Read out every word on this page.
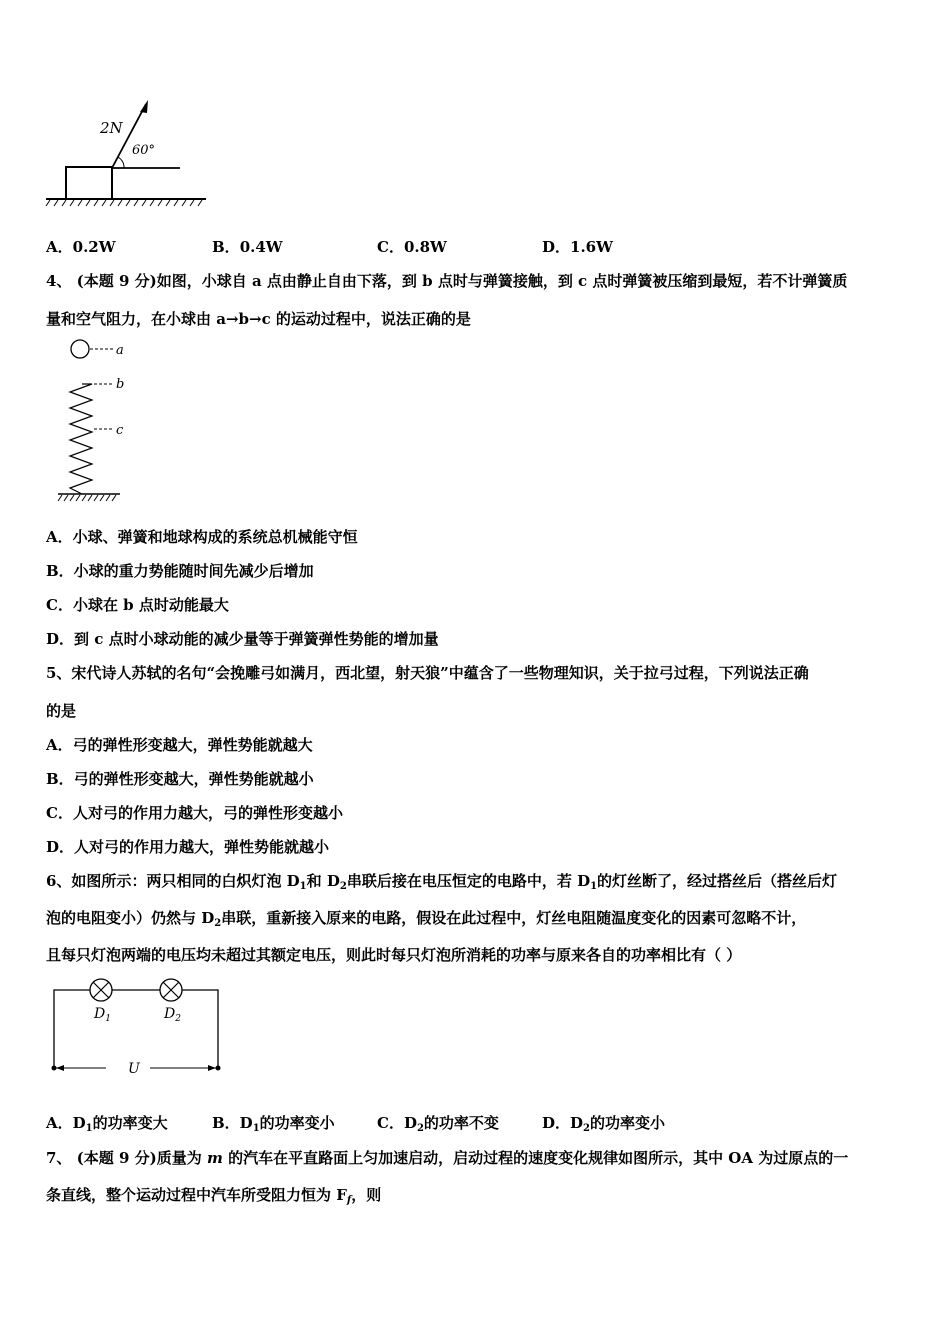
2N
60°
A．0.2W	B．0.4W	C．0.8W	D．1.6W
4、 (本题 9 分)如图，小球自 a 点由静止自由下落，到 b 点时与弹簧接触，到 c 点时弹簧被压缩到最短，若不计弹簧质
量和空气阻力，在小球由 a→b→c 的运动过程中，说法正确的是
a
b
c
A．小球、弹簧和地球构成的系统总机械能守恒
B．小球的重力势能随时间先减少后增加
C．小球在 b 点时动能最大
D．到 c 点时小球动能的减少量等于弹簧弹性势能的增加量
5、宋代诗人苏轼的名句“会挽雕弓如满月，西北望，射天狼”中蕴含了一些物理知识，关于拉弓过程，下列说法正确
的是
A．弓的弹性形变越大，弹性势能就越大
B．弓的弹性形变越大，弹性势能就越小
C．人对弓的作用力越大，弓的弹性形变越小
D．人对弓的作用力越大，弹性势能就越小
6、如图所示：两只相同的白炽灯泡 $D_1$和 $D_2$串联后接在电压恒定的电路中，若 $D_1$的灯丝断了，经过搭丝后（搭丝后灯
泡的电阻变小）仍然与 $D_2$串联，重新接入原来的电路，假设在此过程中，灯丝电阻随温度变化的因素可忽略不计，
且每只灯泡两端的电压均未超过其额定电压，则此时每只灯泡所消耗的功率与原来各自的功率相比有（ ）
$D_1$	$D_2$
U
A．$D_1$的功率变大	B．$D_1$的功率变小	C．$D_2$的功率不变	D．$D_2$的功率变小
7、 (本题 9 分)质量为 m 的汽车在平直路面上匀加速启动，启动过程的速度变化规律如图所示，其中 OA 为过原点的一
条直线，整个运动过程中汽车所受阻力恒为 $F_f$，则
